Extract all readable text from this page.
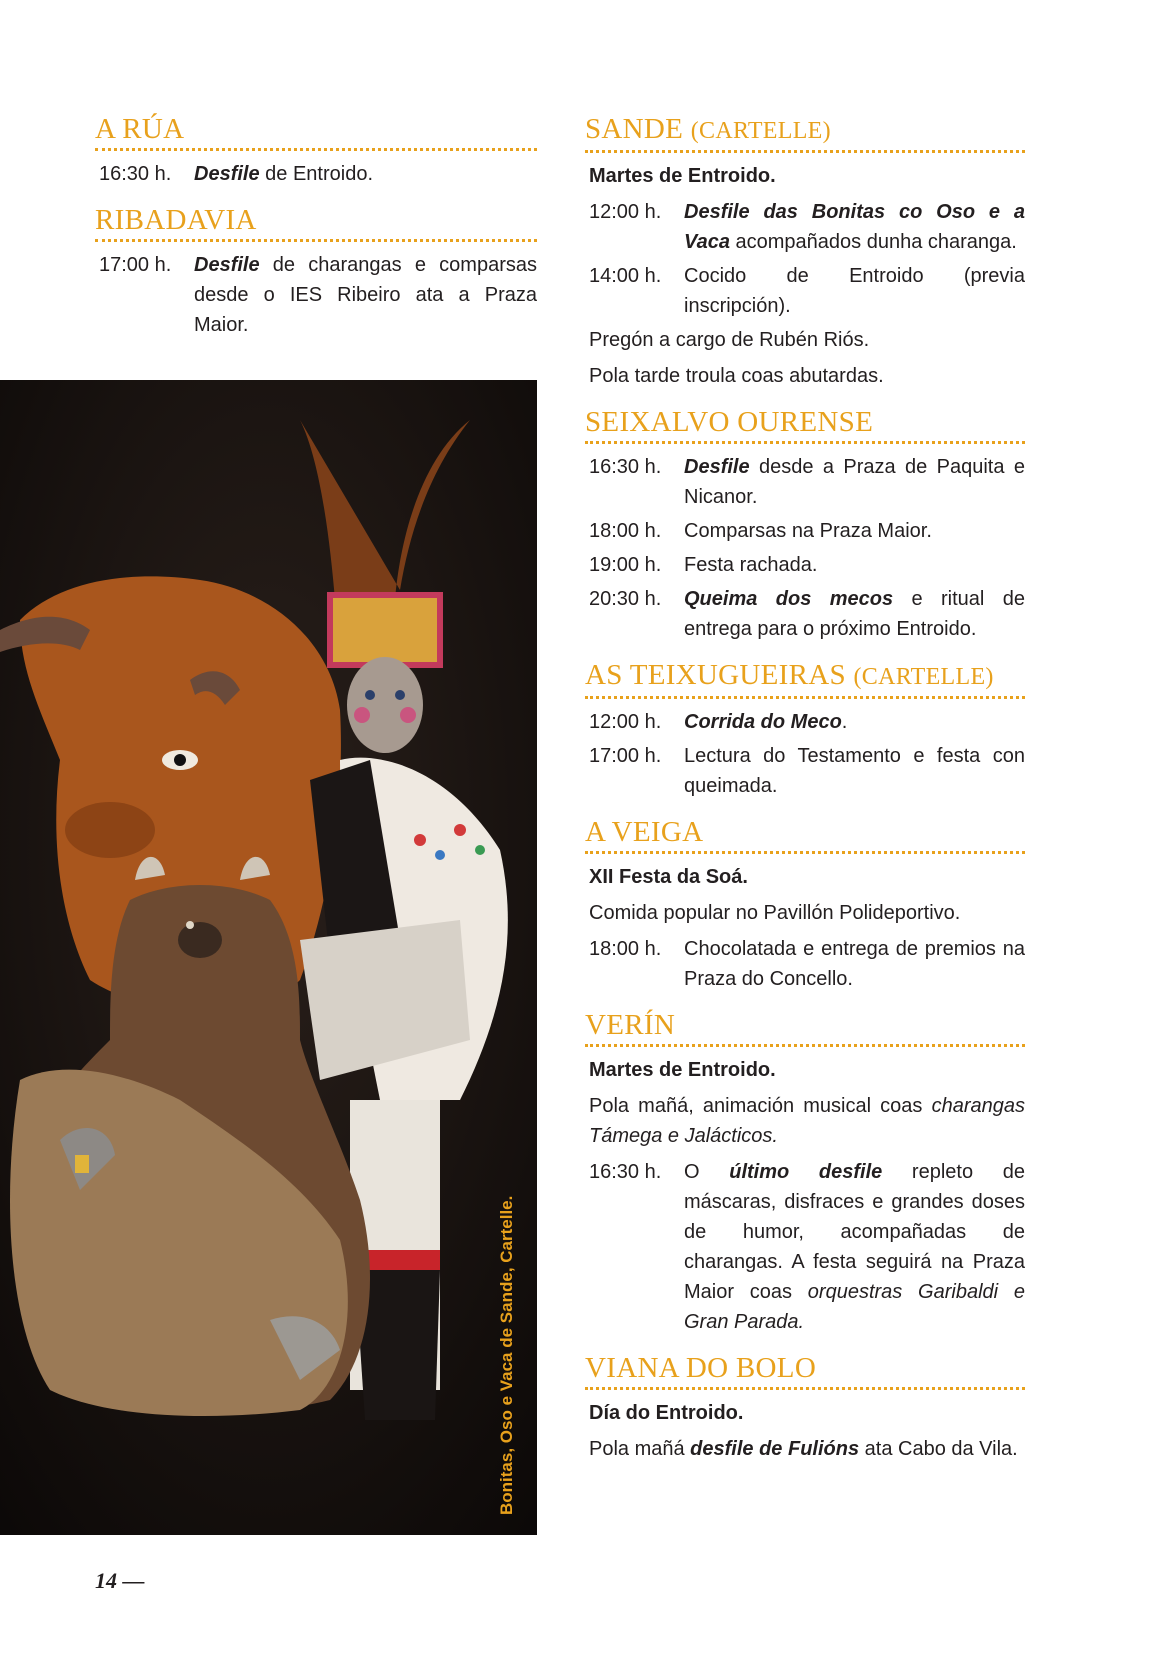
A RÚA
16:30 h.	Desfile de Entroido.
RIBADAVIA
17:00 h.	Desfile de charangas e comparsas desde o IES Ribeiro ata a Praza Maior.
Bonitas, Oso e Vaca de Sande, Cartelle.
SANDE (CARTELLE)
Martes de Entroido.
12:00 h.	Desfile das Bonitas co Oso e a Vaca acompañados dunha charanga.
14:00 h.	Cocido de Entroido (previa inscripción).
Pregón a cargo de Rubén Riós.
Pola tarde troula coas abutardas.
SEIXALVO OURENSE
16:30 h.	Desfile desde a Praza de Paquita e Nicanor.
18:00 h.	Comparsas na Praza Maior.
19:00 h.	Festa rachada.
20:30 h.	Queima dos mecos e ritual de entrega para o próximo Entroido.
AS TEIXUGUEIRAS (CARTELLE)
12:00 h.	Corrida do Meco.
17:00 h.	Lectura do Testamento e festa con queimada.
A VEIGA
XII Festa da Soá.
Comida popular no Pavillón Polideportivo.
18:00 h.	Chocolatada e entrega de premios na Praza do Concello.
VERÍN
Martes de Entroido.
Pola mañá, animación musical coas charangas Támega e Jalácticos.
16:30 h.	O último desfile repleto de máscaras, disfraces e grandes doses de humor, acompañadas de charangas. A festa seguirá na Praza Maior coas orquestras Garibaldi e Gran Parada.
VIANA DO BOLO
Día do Entroido.
Pola mañá desfile de Fulións ata Cabo da Vila.
14 —
